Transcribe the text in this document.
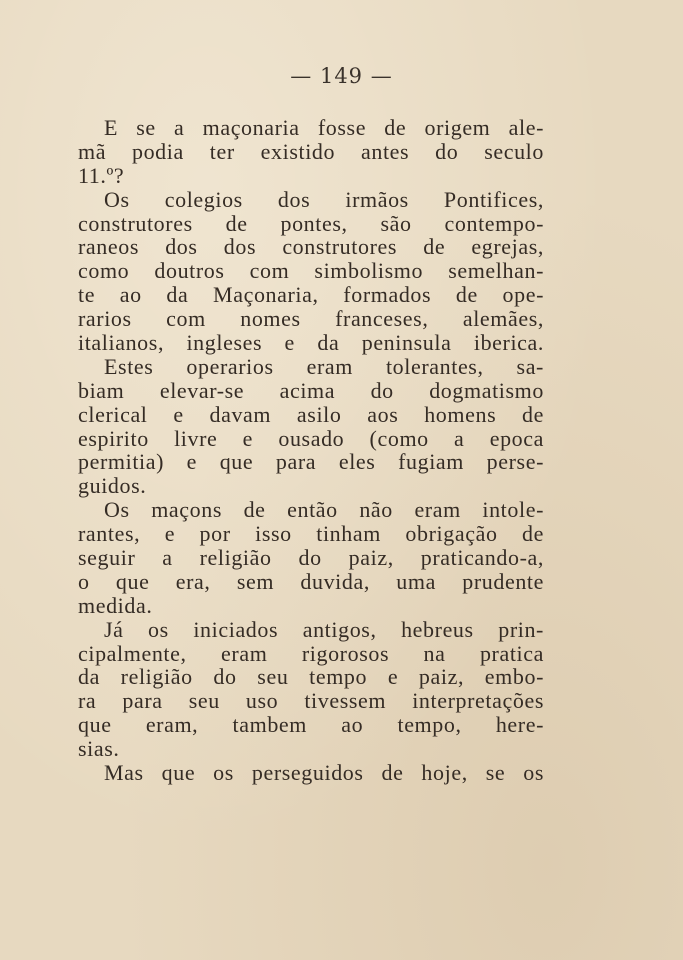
— 149 —
E se a maçonaria fosse de origem ale-
mã podia ter existido antes do seculo
11.º?
Os colegios dos irmãos Pontifices,
construtores de pontes, são contempo-
raneos dos dos construtores de egrejas,
como doutros com simbolismo semelhan-
te ao da Maçonaria, formados de ope-
rarios com nomes franceses, alemães,
italianos, ingleses e da peninsula iberica.
Estes operarios eram tolerantes, sa-
biam elevar-se acima do dogmatismo
clerical e davam asilo aos homens de
espirito livre e ousado (como a epoca
permitia) e que para eles fugiam perse-
guidos.
Os maçons de então não eram intole-
rantes, e por isso tinham obrigação de
seguir a religião do paiz, praticando-a,
o que era, sem duvida, uma prudente
medida.
Já os iniciados antigos, hebreus prin-
cipalmente, eram rigorosos na pratica
da religião do seu tempo e paiz, embo-
ra para seu uso tivessem interpretações
que eram, tambem ao tempo, here-
sias.
Mas que os perseguidos de hoje, se os
